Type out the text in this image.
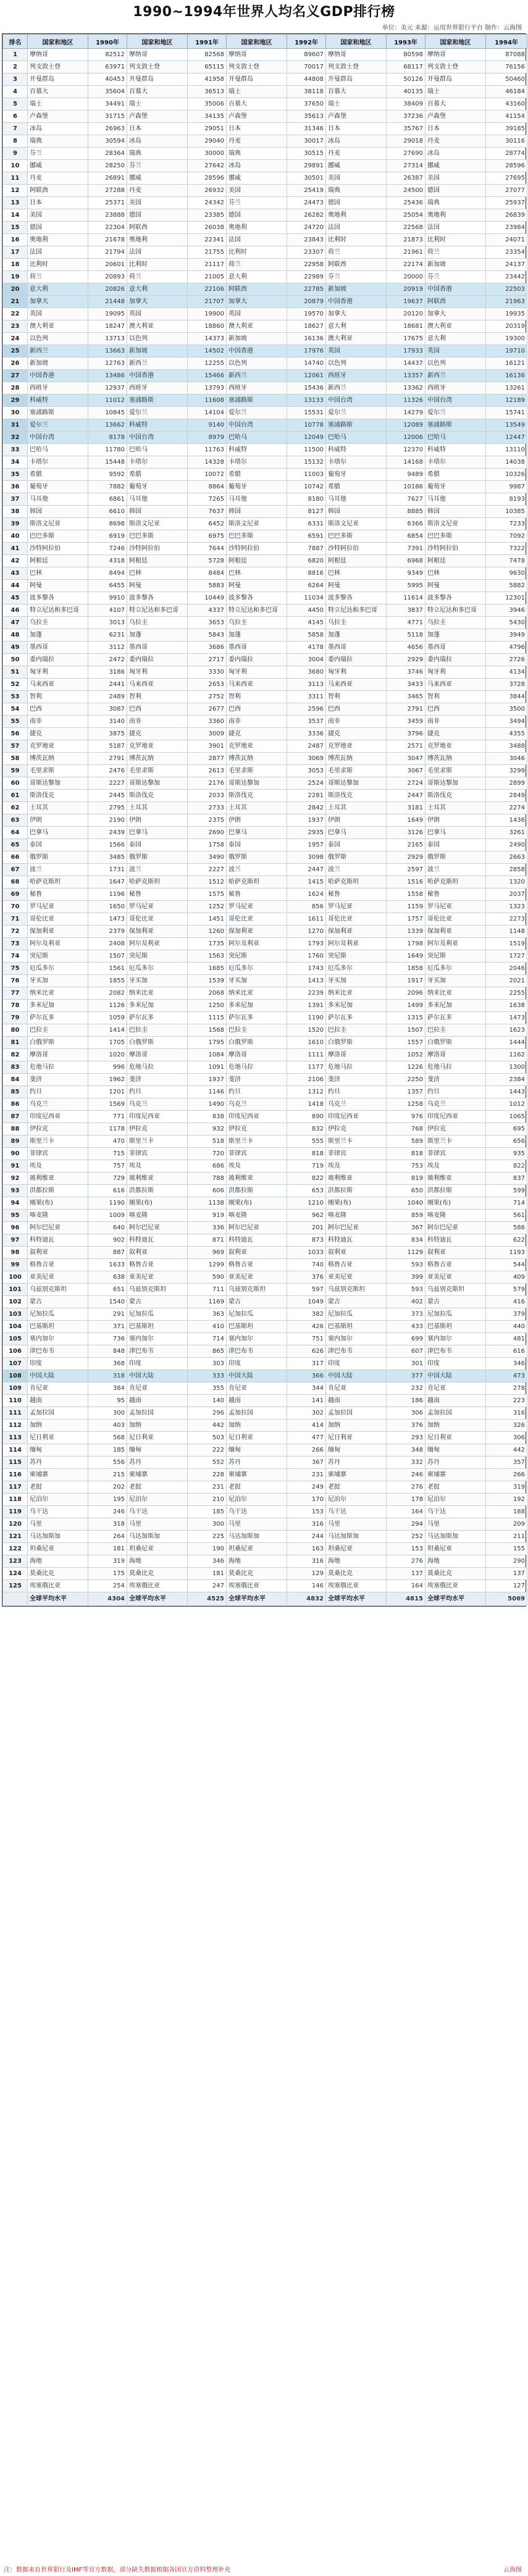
1990~1994年世界人均名义GDP排行榜
单位：美元 来源：运用世界银行平台 制作：云海图
排名	国家和地区	1990年	国家和地区	1991年	国家和地区	1992年	国家和地区	1993年	国家和地区	1994年
1	摩纳哥	82512	摩纳哥	82568	摩纳哥	89607	摩纳哥	80598	摩纳哥	87088
2	列支敦士登	63971	列支敦士登	65115	列支敦士登	70017	列支敦士登	68117	列支敦士登	76156
3	开曼群岛	40453	开曼群岛	41958	开曼群岛	44808	开曼群岛	50126	开曼群岛	50460
4	百慕大	35604	百慕大	36513	瑞士	38118	百慕大	40135	瑞士	46184
5	瑞士	34491	瑞士	35006	百慕大	37650	瑞士	38409	百慕大	43160
6	卢森堡	31715	卢森堡	34135	卢森堡	35613	卢森堡	37236	卢森堡	41154
7	冰岛	26963	日本	29051	日本	31346	日本	35767	日本	39185
8	瑞典	30594	冰岛	29040	丹麦	30017	冰岛	29018	丹麦	30116
9	芬兰	28364	瑞典	30000	瑞典	30515	丹麦	27690	冰岛	28774
10	挪威	28250	芬兰	27642	冰岛	29891	挪威	27314	挪威	28596
11	丹麦	26891	挪威	28596	挪威	30501	美国	26387	美国	27695
12	阿联酋	27288	丹麦	26932	美国	25419	瑞典	24500	德国	27077
13	日本	25371	美国	24342	芬兰	24473	德国	25436	瑞典	25937
14	美国	23888	德国	23385	德国	26282	奥地利	25054	奥地利	26839
15	德国	22304	阿联酋	26038	奥地利	24720	法国	22568	法国	23984
16	奥地利	21678	奥地利	22341	法国	23843	比利时	21873	比利时	24071
17	法国	21794	法国	21755	比利时	23307	荷兰	21961	荷兰	23354
18	比利时	20601	比利时	21117	荷兰	22958	阿联酋	22174	新加坡	24137
19	荷兰	20893	荷兰	21005	意大利	22989	芬兰	20000	芬兰	23442
20	意大利	20826	意大利	22106	阿联酋	22785	新加坡	20919	中国香港	22503
21	加拿大	21448	加拿大	21707	加拿大	20879	中国香港	19637	阿联酋	21963
22	英国	19095	英国	19900	英国	19570	加拿大	20120	加拿大	19935
23	澳大利亚	18247	澳大利亚	18860	澳大利亚	18627	意大利	18681	澳大利亚	20319
24	以色列	13713	以色列	14373	新加坡	16136	澳大利亚	17675	意大利	19300
25	新西兰	13663	新加坡	14502	中国香港	17976	英国	17933	英国	19710
26	新加坡	12763	新西兰	12255	以色列	14740	以色列	14437	以色列	16121
27	中国香港	13486	中国香港	15466	新西兰	12061	西班牙	13357	新西兰	16136
28	西班牙	12937	西班牙	13793	西班牙	15436	新西兰	13362	西班牙	13261
29	科威特	11012	塞浦路斯	11608	塞浦路斯	13133	中国台湾	11326	中国台湾	12189
30	塞浦路斯	10845	爱尔兰	14104	爱尔兰	15531	爱尔兰	14279	爱尔兰	15741
31	爱尔兰	13662	科威特	9140	中国台湾	10778	塞浦路斯	12089	塞浦路斯	13549
32	中国台湾	8178	中国台湾	8979	巴哈马	12049	巴哈马	12006	巴哈马	12447
33	巴哈马	11780	巴哈马	11763	科威特	11500	科威特	12370	科威特	13110
34	卡塔尔	15448	卡塔尔	14328	卡塔尔	15132	卡塔尔	14168	卡塔尔	14038
35	希腊	9592	希腊	10072	希腊	11003	葡萄牙	9489	希腊	10326
36	葡萄牙	7882	葡萄牙	8864	葡萄牙	10742	希腊	10186	葡萄牙	9987
37	马耳他	6861	马耳他	7265	马耳他	8180	马耳他	7627	马耳他	8193
38	韩国	6610	韩国	7637	韩国	8127	韩国	8885	韩国	10385
39	斯洛文尼亚	8698	斯洛文尼亚	6452	斯洛文尼亚	6331	斯洛文尼亚	6366	斯洛文尼亚	7233
40	巴巴多斯	6919	巴巴多斯	6975	巴巴多斯	6591	巴巴多斯	6854	巴巴多斯	7092
41	沙特阿拉伯	7246	沙特阿拉伯	7644	沙特阿拉伯	7887	沙特阿拉伯	7391	沙特阿拉伯	7322
42	阿根廷	4318	阿根廷	5728	阿根廷	6820	阿根廷	6968	阿根廷	7478
43	巴林	8494	巴林	8484	巴林	8816	巴林	9349	巴林	9630
44	阿曼	6455	阿曼	5883	阿曼	6264	阿曼	5995	阿曼	5882
45	波多黎各	9910	波多黎各	10449	波多黎各	11034	波多黎各	11614	波多黎各	12301
46	特立尼达和多巴哥	4107	特立尼达和多巴哥	4337	特立尼达和多巴哥	4450	特立尼达和多巴哥	3837	特立尼达和多巴哥	3946
47	乌拉圭	3013	乌拉圭	3653	乌拉圭	4145	乌拉圭	4771	乌拉圭	5430
48	加蓬	6231	加蓬	5843	加蓬	5858	加蓬	5118	加蓬	3949
49	墨西哥	3112	墨西哥	3686	墨西哥	4178	墨西哥	4656	墨西哥	4796
50	委内瑞拉	2472	委内瑞拉	2717	委内瑞拉	3004	委内瑞拉	2929	委内瑞拉	2726
51	匈牙利	3186	匈牙利	3330	匈牙利	3680	匈牙利	3746	匈牙利	4134
52	马来西亚	2441	马来西亚	2653	马来西亚	3113	马来西亚	3433	马来西亚	3728
53	智利	2489	智利	2752	智利	3311	智利	3465	智利	3844
54	巴西	3087	巴西	2677	巴西	2596	巴西	2791	巴西	3500
55	南非	3140	南非	3360	南非	3537	南非	3459	南非	3494
56	捷克	3875	捷克	3009	捷克	3336	捷克	3796	捷克	4355
57	克罗地亚	5187	克罗地亚	3901	克罗地亚	2487	克罗地亚	2571	克罗地亚	3488
58	博茨瓦纳	2791	博茨瓦纳	2877	博茨瓦纳	3069	博茨瓦纳	3047	博茨瓦纳	3046
59	毛里求斯	2476	毛里求斯	2613	毛里求斯	3053	毛里求斯	3067	毛里求斯	3299
60	哥斯达黎加	2227	哥斯达黎加	2176	哥斯达黎加	2524	哥斯达黎加	2724	哥斯达黎加	2899
61	斯洛伐克	2445	斯洛伐克	2033	斯洛伐克	2281	斯洛伐克	2447	斯洛伐克	2849
62	土耳其	2795	土耳其	2733	土耳其	2842	土耳其	3181	土耳其	2274
63	伊朗	2190	伊朗	2375	伊朗	1937	伊朗	1649	伊朗	1436
64	巴拿马	2439	巴拿马	2690	巴拿马	2935	巴拿马	3126	巴拿马	3261
65	泰国	1566	泰国	1758	泰国	1957	泰国	2165	泰国	2490
66	俄罗斯	3485	俄罗斯	3490	俄罗斯	3098	俄罗斯	2929	俄罗斯	2663
67	波兰	1731	波兰	2227	波兰	2447	波兰	2597	波兰	2858
68	哈萨克斯坦	1647	哈萨克斯坦	1512	哈萨克斯坦	1415	哈萨克斯坦	1516	哈萨克斯坦	1320
69	秘鲁	1196	秘鲁	1575	秘鲁	1624	秘鲁	1558	秘鲁	2037
70	罗马尼亚	1650	罗马尼亚	1252	罗马尼亚	856	罗马尼亚	1159	罗马尼亚	1323
71	哥伦比亚	1473	哥伦比亚	1451	哥伦比亚	1611	哥伦比亚	1757	哥伦比亚	2273
72	保加利亚	2379	保加利亚	1260	保加利亚	1270	保加利亚	1339	保加利亚	1148
73	阿尔及利亚	2408	阿尔及利亚	1735	阿尔及利亚	1793	阿尔及利亚	1798	阿尔及利亚	1519
74	突尼斯	1507	突尼斯	1563	突尼斯	1760	突尼斯	1649	突尼斯	1727
75	厄瓜多尔	1561	厄瓜多尔	1685	厄瓜多尔	1743	厄瓜多尔	1858	厄瓜多尔	2046
76	牙买加	1855	牙买加	1539	牙买加	1413	牙买加	1917	牙买加	2021
77	纳米比亚	2082	纳米比亚	2068	纳米比亚	2239	纳米比亚	2096	纳米比亚	2255
78	多米尼加	1126	多米尼加	1250	多米尼加	1391	多米尼加	1499	多米尼加	1638
79	萨尔瓦多	1059	萨尔瓦多	1115	萨尔瓦多	1190	萨尔瓦多	1315	萨尔瓦多	1473
80	巴拉圭	1414	巴拉圭	1568	巴拉圭	1520	巴拉圭	1507	巴拉圭	1623
81	白俄罗斯	1705	白俄罗斯	1795	白俄罗斯	1610	白俄罗斯	1557	白俄罗斯	1444
82	摩洛哥	1020	摩洛哥	1084	摩洛哥	1111	摩洛哥	1052	摩洛哥	1162
83	危地马拉	996	危地马拉	1091	危地马拉	1177	危地马拉	1226	危地马拉	1300
84	斐济	1962	斐济	1937	斐济	2106	斐济	2250	斐济	2384
85	约旦	1201	约旦	1146	约旦	1312	约旦	1357	约旦	1443
86	乌克兰	1569	乌克兰	1490	乌克兰	1418	乌克兰	1258	乌克兰	1012
87	印度尼西亚	771	印度尼西亚	838	印度尼西亚	890	印度尼西亚	976	印度尼西亚	1065
88	伊拉克	1178	伊拉克	932	伊拉克	832	伊拉克	768	伊拉克	695
89	斯里兰卡	470	斯里兰卡	518	斯里兰卡	555	斯里兰卡	589	斯里兰卡	656
90	菲律宾	715	菲律宾	720	菲律宾	818	菲律宾	818	菲律宾	935
91	埃及	757	埃及	686	埃及	719	埃及	753	埃及	822
92	玻利维亚	729	玻利维亚	788	玻利维亚	822	玻利维亚	819	玻利维亚	837
93	洪都拉斯	616	洪都拉斯	606	洪都拉斯	653	洪都拉斯	650	洪都拉斯	599
94	刚果(布)	1190	刚果(布)	1138	刚果(布)	1210	刚果(布)	1040	刚果(布)	714
95	喀麦隆	1009	喀麦隆	919	喀麦隆	962	喀麦隆	859	喀麦隆	561
96	阿尔巴尼亚	640	阿尔巴尼亚	336	阿尔巴尼亚	201	阿尔巴尼亚	367	阿尔巴尼亚	586
97	科特迪瓦	902	科特迪瓦	871	科特迪瓦	873	科特迪瓦	834	科特迪瓦	622
98	叙利亚	887	叙利亚	969	叙利亚	1033	叙利亚	1129	叙利亚	1193
99	格鲁吉亚	1633	格鲁吉亚	1299	格鲁吉亚	740	格鲁吉亚	593	格鲁吉亚	544
100	亚美尼亚	638	亚美尼亚	590	亚美尼亚	376	亚美尼亚	399	亚美尼亚	409
101	乌兹别克斯坦	651	乌兹别克斯坦	711	乌兹别克斯坦	597	乌兹别克斯坦	593	乌兹别克斯坦	579
102	蒙古	1540	蒙古	1169	蒙古	1049	蒙古	402	蒙古	416
103	尼加拉瓜	291	尼加拉瓜	363	尼加拉瓜	382	尼加拉瓜	373	尼加拉瓜	379
104	巴基斯坦	371	巴基斯坦	410	巴基斯坦	426	巴基斯坦	433	巴基斯坦	440
105	塞内加尔	736	塞内加尔	714	塞内加尔	751	塞内加尔	699	塞内加尔	481
106	津巴布韦	848	津巴布韦	865	津巴布韦	626	津巴布韦	607	津巴布韦	616
107	印度	368	印度	303	印度	317	印度	301	印度	346
108	中国大陆	318	中国大陆	333	中国大陆	366	中国大陆	377	中国大陆	473
109	肯尼亚	384	肯尼亚	355	肯尼亚	344	肯尼亚	232	肯尼亚	278
110	越南	95	越南	140	越南	141	越南	186	越南	223
111	孟加拉国	300	孟加拉国	296	孟加拉国	302	孟加拉国	306	孟加拉国	316
112	加纳	403	加纳	442	加纳	414	加纳	376	加纳	326
113	尼日利亚	568	尼日利亚	503	尼日利亚	477	尼日利亚	293	尼日利亚	306
114	缅甸	185	缅甸	222	缅甸	266	缅甸	348	缅甸	442
115	苏丹	556	苏丹	552	苏丹	367	苏丹	332	苏丹	357
116	柬埔寨	215	柬埔寨	228	柬埔寨	231	柬埔寨	246	柬埔寨	266
117	老挝	202	老挝	231	老挝	249	老挝	276	老挝	319
118	尼泊尔	195	尼泊尔	210	尼泊尔	170	尼泊尔	178	尼泊尔	192
119	乌干达	246	乌干达	185	乌干达	153	乌干达	164	乌干达	188
120	马里	318	马里	300	马里	316	马里	294	马里	209
121	马达加斯加	264	马达加斯加	225	马达加斯加	244	马达加斯加	252	马达加斯加	211
122	坦桑尼亚	181	坦桑尼亚	190	坦桑尼亚	163	坦桑尼亚	153	坦桑尼亚	155
123	海地	319	海地	346	海地	316	海地	276	海地	290
124	莫桑比克	175	莫桑比克	181	莫桑比克	129	莫桑比克	137	莫桑比克	137
125	埃塞俄比亚	254	埃塞俄比亚	247	埃塞俄比亚	146	埃塞俄比亚	164	埃塞俄比亚	127
	全球平均水平	4304	全球平均水平	4525	全球平均水平	4832	全球平均水平	4815	全球平均水平	5069
注：数据来自世界银行及IMF等官方数据，部分缺失数据根据各国官方资料整理补充	云海图
